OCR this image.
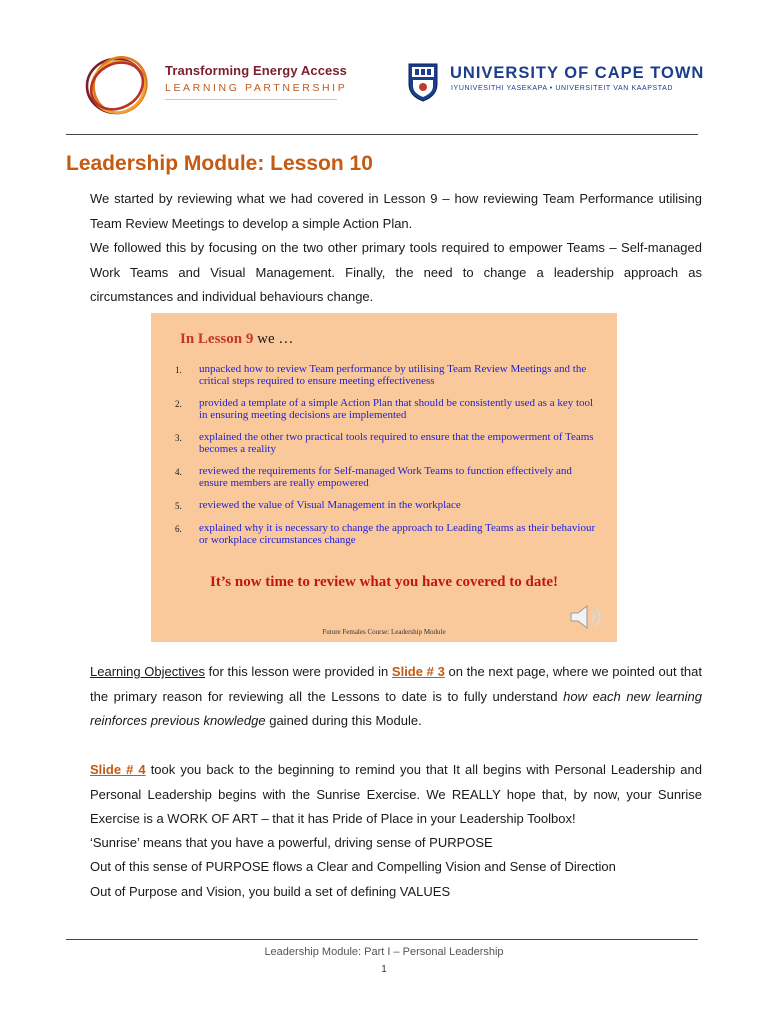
Transforming Energy Access
LEARNING PARTNERSHIP
UNIVERSITY OF CAPE TOWN
IYUNIVESITHI YASEKAPA • UNIVERSITEIT VAN KAAPSTAD
Leadership Module: Lesson 10
We started by reviewing what we had covered in Lesson 9 – how reviewing Team Performance utilising Team Review Meetings to develop a simple Action Plan.
We followed this by focusing on the two other primary tools required to empower Teams – Self-managed Work Teams and Visual Management. Finally, the need to change a leadership approach as circumstances and individual behaviours change.
In Lesson 9 we …
1. unpacked how to review Team performance by utilising Team Review Meetings and the critical steps required to ensure meeting effectiveness
2. provided a template of a simple Action Plan that should be consistently used as a key tool in ensuring meeting decisions are implemented
3. explained the other two practical tools required to ensure that the empowerment of Teams becomes a reality
4. reviewed the requirements for Self-managed Work Teams to function effectively and ensure members are really empowered
5. reviewed the value of Visual Management in the workplace
6. explained why it is necessary to change the approach to Leading Teams as their behaviour or workplace circumstances change
It’s now time to review what you have covered to date!
Future Females Course: Leadership Module
Learning Objectives for this lesson were provided in Slide # 3 on the next page, where we pointed out that the primary reason for reviewing all the Lessons to date is to fully understand how each new learning reinforces previous knowledge gained during this Module.
Slide # 4 took you back to the beginning to remind you that It all begins with Personal Leadership and Personal Leadership begins with the Sunrise Exercise. We REALLY hope that, by now, your Sunrise Exercise is a WORK OF ART – that it has Pride of Place in your Leadership Toolbox!
‘Sunrise’ means that you have a powerful, driving sense of PURPOSE
Out of this sense of PURPOSE flows a Clear and Compelling Vision and Sense of Direction
Out of Purpose and Vision, you build a set of defining VALUES
Leadership Module: Part I – Personal Leadership
1
